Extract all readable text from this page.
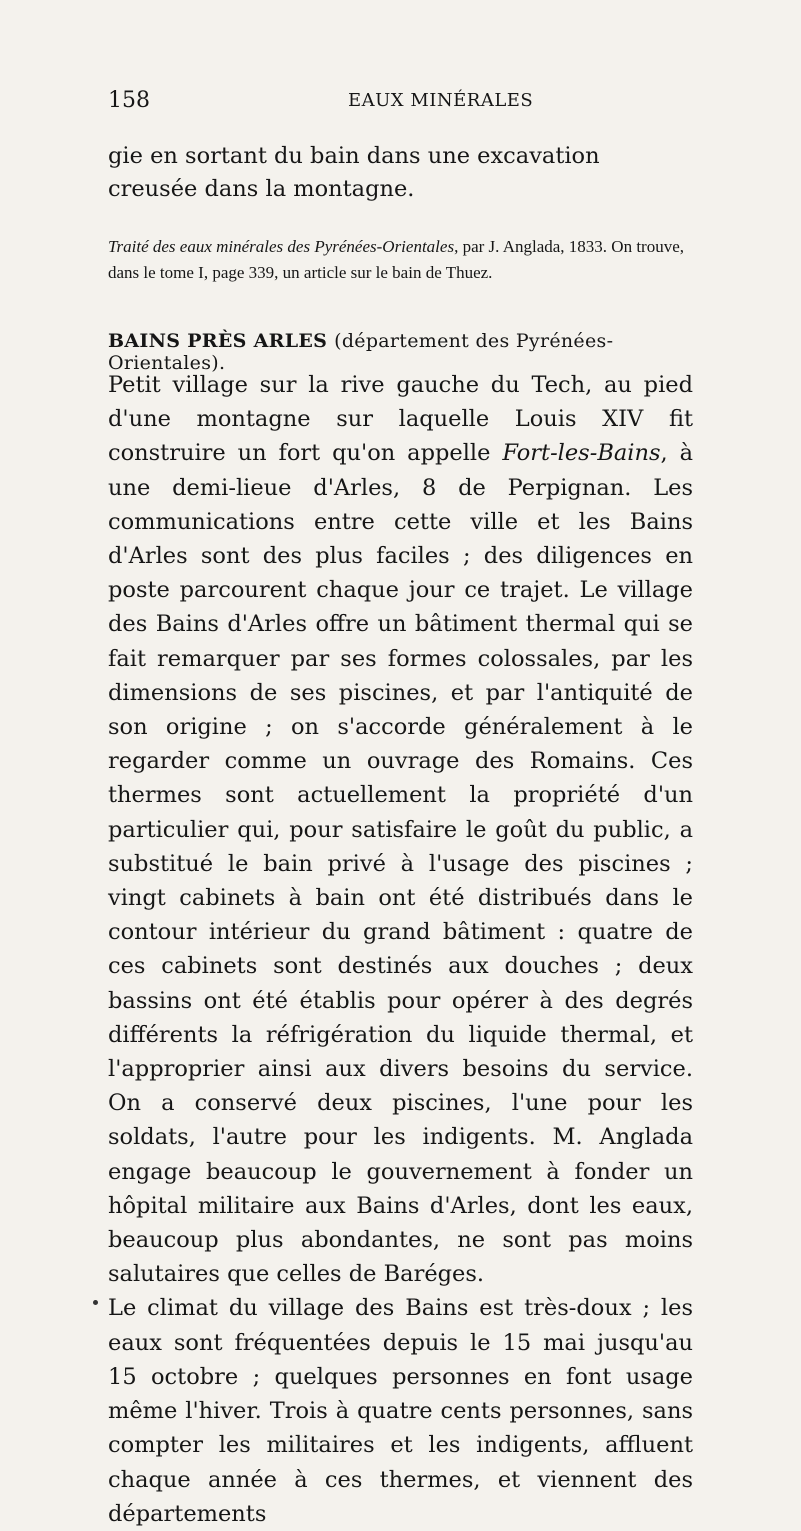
158	EAUX MINÉRALES

gie en sortant du bain dans une excavation creusée dans la montagne.

Traité des eaux minérales des Pyrénées-Orientales, par J. Anglada, 1833. On trouve, dans le tome I, page 339, un article sur le bain de Thuez.

BAINS PRÈS ARLES (département des Pyrénées-Orientales).

Petit village sur la rive gauche du Tech, au pied d'une montagne sur laquelle Louis XIV fit construire un fort qu'on appelle Fort-les-Bains, à une demi-lieue d'Arles, 8 de Perpignan. Les communications entre cette ville et les Bains d'Arles sont des plus faciles ; des diligences en poste parcourent chaque jour ce trajet. Le village des Bains d'Arles offre un bâtiment thermal qui se fait remarquer par ses formes colossales, par les dimensions de ses piscines, et par l'antiquité de son origine ; on s'accorde généralement à le regarder comme un ouvrage des Romains. Ces thermes sont actuellement la propriété d'un particulier qui, pour satisfaire le goût du public, a substitué le bain privé à l'usage des piscines ; vingt cabinets à bain ont été distribués dans le contour intérieur du grand bâtiment : quatre de ces cabinets sont destinés aux douches ; deux bassins ont été établis pour opérer à des degrés différents la réfrigération du liquide thermal, et l'approprier ainsi aux divers besoins du service. On a conservé deux piscines, l'une pour les soldats, l'autre pour les indigents. M. Anglada engage beaucoup le gouvernement à fonder un hôpital militaire aux Bains d'Arles, dont les eaux, beaucoup plus abondantes, ne sont pas moins salutaires que celles de Baréges.

Le climat du village des Bains est très-doux ; les eaux sont fréquentées depuis le 15 mai jusqu'au 15 octobre ; quelques personnes en font usage même l'hiver. Trois à quatre cents personnes, sans compter les militaires et les indigents, affluent chaque année à ces thermes, et viennent des départements
